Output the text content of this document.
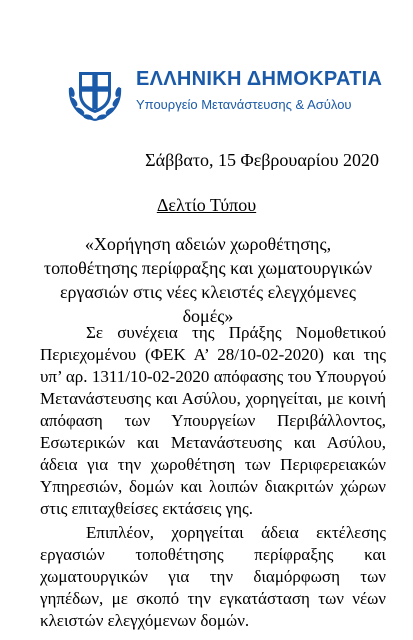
ΕΛΛΗΝΙΚΗ ΔΗΜΟΚΡΑΤΙΑ
Υπουργείο Μετανάστευσης & Ασύλου
Σάββατο, 15 Φεβρουαρίου 2020
Δελτίο Τύπου
«Χορήγηση αδειών χωροθέτησης, τοποθέτησης περίφραξης και χωματουργικών εργασιών στις νέες κλειστές ελεγχόμενες δομές»

Σε συνέχεια της Πράξης Νομοθετικού Περιεχομένου (ΦΕΚ Α’ 28/10-02-2020) και της υπ’ αρ. 1311/10-02-2020 απόφασης του Υπουργού Μετανάστευσης και Ασύλου, χορηγείται, με κοινή απόφαση των Υπουργείων Περιβάλλοντος, Εσωτερικών και Μετανάστευσης και Ασύλου, άδεια για την χωροθέτηση των Περιφερειακών Υπηρεσιών, δομών και λοιπών διακριτών χώρων στις επιταχθείσες εκτάσεις γης.

Επιπλέον, χορηγείται άδεια εκτέλεσης εργασιών τοποθέτησης περίφραξης και χωματουργικών για την διαμόρφωση των γηπέδων, με σκοπό την εγκατάσταση των νέων κλειστών ελεγχόμενων δομών.
